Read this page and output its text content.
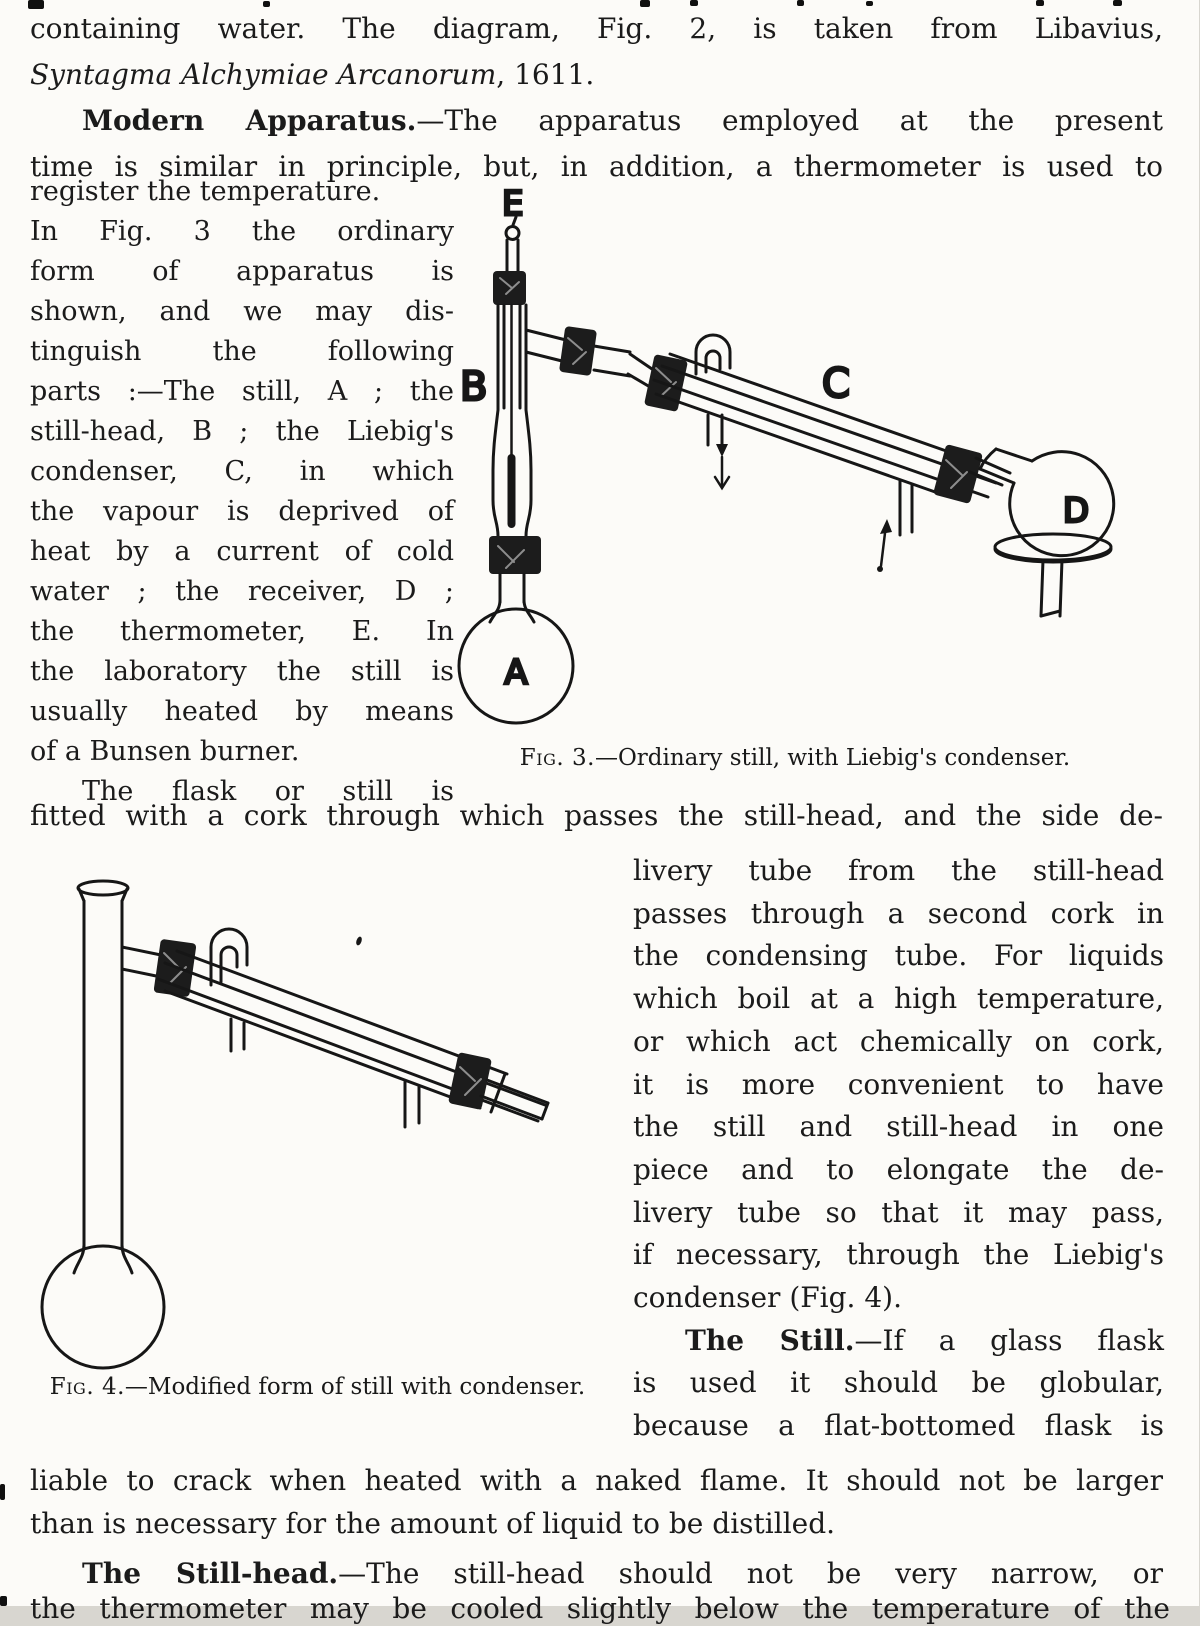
containing water. The diagram, Fig. 2, is taken from Libavius,
Syntagma Alchymiae Arcanorum, 1611.
Modern Apparatus.—The apparatus employed at the present
time is similar in principle, but, in addition, a thermometer is used to
register the temperature.
In Fig. 3 the ordinary
form of apparatus is
shown, and we may dis-
tinguish the following
parts :—The still, A ; the
still-head, B ; the Liebig's
condenser, C, in which
the vapour is deprived of
heat by a current of cold
water ; the receiver, D ;
the thermometer, E. In
the laboratory the still is
usually heated by means
of a Bunsen burner.
The flask or still is
E
B	C
D
A
Fig. 3.—Ordinary still, with Liebig's condenser.
fitted with a cork through which passes the still-head, and the side de-
Fig. 4.—Modified form of still with condenser.
livery tube from the still-head
passes through a second cork in
the condensing tube. For liquids
which boil at a high temperature,
or which act chemically on cork,
it is more convenient to have
the still and still-head in one
piece and to elongate the de-
livery tube so that it may pass,
if necessary, through the Liebig's
condenser (Fig. 4).
The Still.—If a glass flask
is used it should be globular,
because a flat-bottomed flask is
liable to crack when heated with a naked flame. It should not be larger
than is necessary for the amount of liquid to be distilled.
The Still-head.—The still-head should not be very narrow, or
the thermometer may be cooled slightly below the temperature of the
